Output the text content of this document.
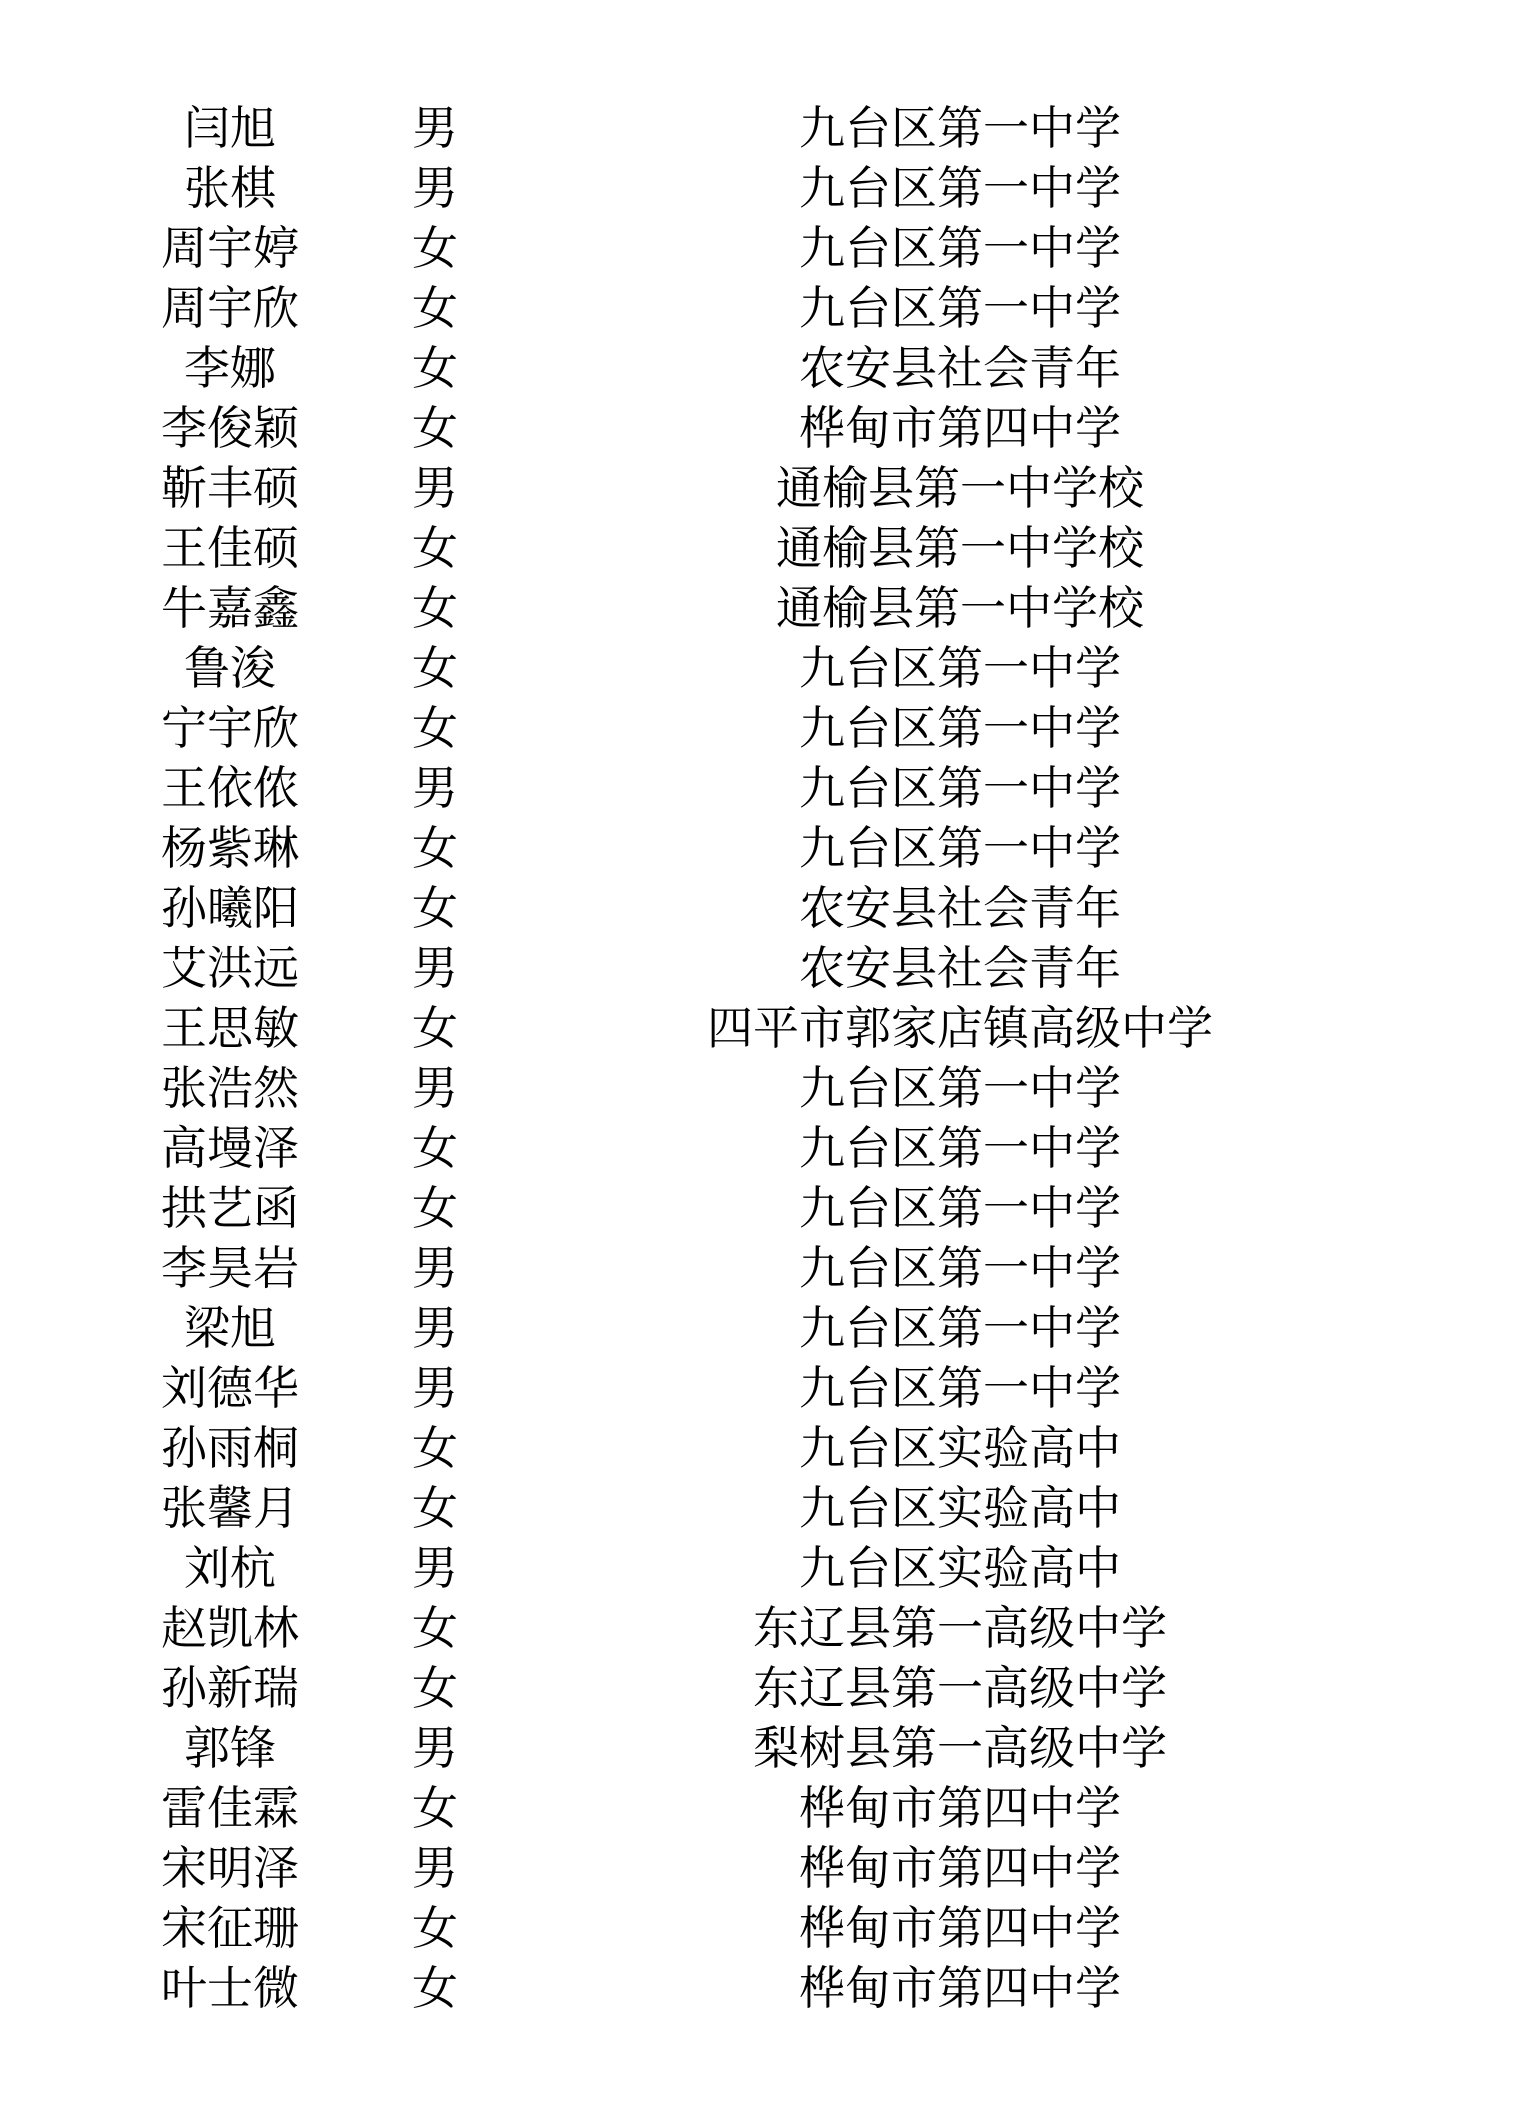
闫旭	男	九台区第一中学
张棋	男	九台区第一中学
周宇婷	女	九台区第一中学
周宇欣	女	九台区第一中学
李娜	女	农安县社会青年
李俊颖	女	桦甸市第四中学
靳丰硕	男	通榆县第一中学校
王佳硕	女	通榆县第一中学校
牛嘉鑫	女	通榆县第一中学校
鲁浚	女	九台区第一中学
宁宇欣	女	九台区第一中学
王依侬	男	九台区第一中学
杨紫琳	女	九台区第一中学
孙曦阳	女	农安县社会青年
艾洪远	男	农安县社会青年
王思敏	女	四平市郭家店镇高级中学
张浩然	男	九台区第一中学
高墁泽	女	九台区第一中学
拱艺函	女	九台区第一中学
李昊岩	男	九台区第一中学
梁旭	男	九台区第一中学
刘德华	男	九台区第一中学
孙雨桐	女	九台区实验高中
张馨月	女	九台区实验高中
刘杭	男	九台区实验高中
赵凯林	女	东辽县第一高级中学
孙新瑞	女	东辽县第一高级中学
郭锋	男	梨树县第一高级中学
雷佳霖	女	桦甸市第四中学
宋明泽	男	桦甸市第四中学
宋征珊	女	桦甸市第四中学
叶士微	女	桦甸市第四中学
